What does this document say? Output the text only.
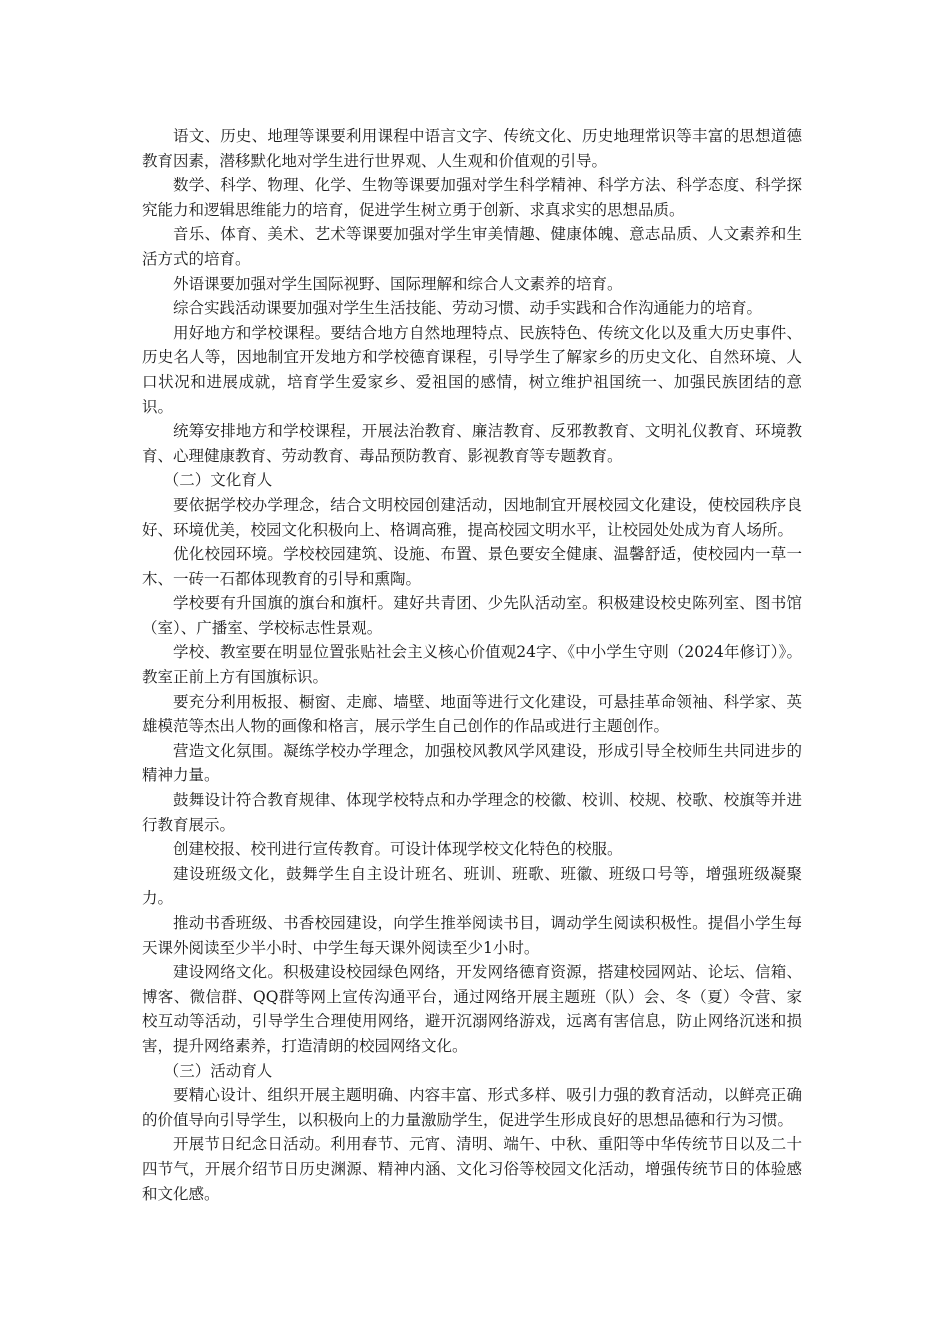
语文、历史、地理等课要利用课程中语言文字、传统文化、历史地理常识等丰富的思想道德教育因素，潜移默化地对学生进行世界观、人生观和价值观的引导。

数学、科学、物理、化学、生物等课要加强对学生科学精神、科学方法、科学态度、科学探究能力和逻辑思维能力的培育，促进学生树立勇于创新、求真求实的思想品质。

音乐、体育、美术、艺术等课要加强对学生审美情趣、健康体魄、意志品质、人文素养和生活方式的培育。

外语课要加强对学生国际视野、国际理解和综合人文素养的培育。

综合实践活动课要加强对学生生活技能、劳动习惯、动手实践和合作沟通能力的培育。

用好地方和学校课程。要结合地方自然地理特点、民族特色、传统文化以及重大历史事件、历史名人等，因地制宜开发地方和学校德育课程，引导学生了解家乡的历史文化、自然环境、人口状况和进展成就，培育学生爱家乡、爱祖国的感情，树立维护祖国统一、加强民族团结的意识。

统筹安排地方和学校课程，开展法治教育、廉洁教育、反邪教教育、文明礼仪教育、环境教育、心理健康教育、劳动教育、毒品预防教育、影视教育等专题教育。

（二）文化育人

要依据学校办学理念，结合文明校园创建活动，因地制宜开展校园文化建设，使校园秩序良好、环境优美，校园文化积极向上、格调高雅，提高校园文明水平，让校园处处成为育人场所。

优化校园环境。学校校园建筑、设施、布置、景色要安全健康、温馨舒适，使校园内一草一木、一砖一石都体现教育的引导和熏陶。

学校要有升国旗的旗台和旗杆。建好共青团、少先队活动室。积极建设校史陈列室、图书馆（室）、广播室、学校标志性景观。

学校、教室要在明显位置张贴社会主义核心价值观24字、《中小学生守则（2024年修订）》。教室正前上方有国旗标识。

要充分利用板报、橱窗、走廊、墙壁、地面等进行文化建设，可悬挂革命领袖、科学家、英雄模范等杰出人物的画像和格言，展示学生自己创作的作品或进行主题创作。

营造文化氛围。凝练学校办学理念，加强校风教风学风建设，形成引导全校师生共同进步的精神力量。

鼓舞设计符合教育规律、体现学校特点和办学理念的校徽、校训、校规、校歌、校旗等并进行教育展示。

创建校报、校刊进行宣传教育。可设计体现学校文化特色的校服。

建设班级文化，鼓舞学生自主设计班名、班训、班歌、班徽、班级口号等，增强班级凝聚力。

推动书香班级、书香校园建设，向学生推举阅读书目，调动学生阅读积极性。提倡小学生每天课外阅读至少半小时、中学生每天课外阅读至少1小时。

建设网络文化。积极建设校园绿色网络，开发网络德育资源，搭建校园网站、论坛、信箱、博客、微信群、QQ群等网上宣传沟通平台，通过网络开展主题班（队）会、冬（夏）令营、家校互动等活动，引导学生合理使用网络，避开沉溺网络游戏，远离有害信息，防止网络沉迷和损害，提升网络素养，打造清朗的校园网络文化。

（三）活动育人

要精心设计、组织开展主题明确、内容丰富、形式多样、吸引力强的教育活动，以鲜亮正确的价值导向引导学生，以积极向上的力量激励学生，促进学生形成良好的思想品德和行为习惯。

开展节日纪念日活动。利用春节、元宵、清明、端午、中秋、重阳等中华传统节日以及二十四节气，开展介绍节日历史渊源、精神内涵、文化习俗等校园文化活动，增强传统节日的体验感和文化感。
